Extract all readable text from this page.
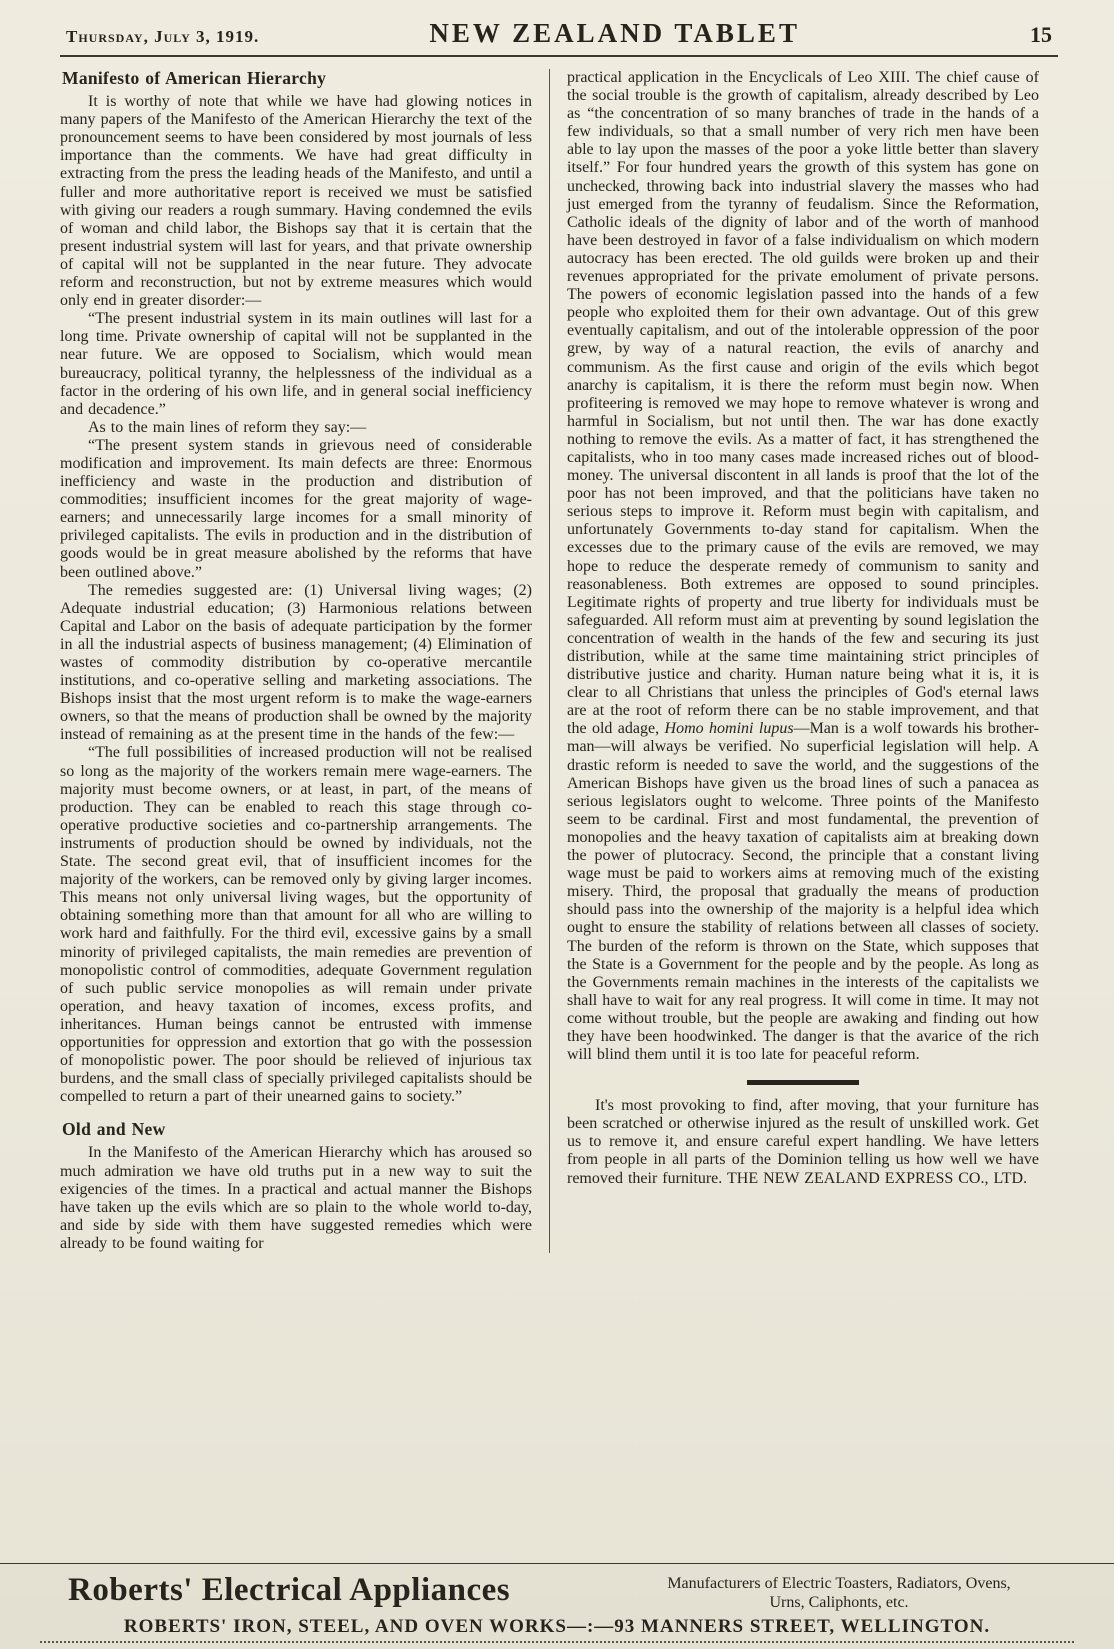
Thursday, July 3, 1919.	NEW ZEALAND TABLET	15
Manifesto of American Hierarchy

It is worthy of note that while we have had glowing notices in many papers of the Manifesto of the American Hierarchy the text of the pronouncement seems to have been considered by most journals of less importance than the comments. We have had great difficulty in extracting from the press the leading heads of the Manifesto, and until a fuller and more authoritative report is received we must be satisfied with giving our readers a rough summary. Having condemned the evils of woman and child labor, the Bishops say that it is certain that the present industrial system will last for years, and that private ownership of capital will not be supplanted in the near future. They advocate reform and reconstruction, but not by extreme measures which would only end in greater disorder:—

“The present industrial system in its main outlines will last for a long time. Private ownership of capital will not be supplanted in the near future. We are opposed to Socialism, which would mean bureaucracy, political tyranny, the helplessness of the individual as a factor in the ordering of his own life, and in general social inefficiency and decadence.”

As to the main lines of reform they say:—

“The present system stands in grievous need of considerable modification and improvement. Its main defects are three: Enormous inefficiency and waste in the production and distribution of commodities; insufficient incomes for the great majority of wage-earners; and unnecessarily large incomes for a small minority of privileged capitalists. The evils in production and in the distribution of goods would be in great measure abolished by the reforms that have been outlined above.”

The remedies suggested are: (1) Universal living wages; (2) Adequate industrial education; (3) Harmonious relations between Capital and Labor on the basis of adequate participation by the former in all the industrial aspects of business management; (4) Elimination of wastes of commodity distribution by co-operative mercantile institutions, and co-operative selling and marketing associations. The Bishops insist that the most urgent reform is to make the wage-earners owners, so that the means of production shall be owned by the majority instead of remaining as at the present time in the hands of the few:—

“The full possibilities of increased production will not be realised so long as the majority of the workers remain mere wage-earners. The majority must become owners, or at least, in part, of the means of production. They can be enabled to reach this stage through co-operative productive societies and co-partnership arrangements. The instruments of production should be owned by individuals, not the State. The second great evil, that of insufficient incomes for the majority of the workers, can be removed only by giving larger incomes. This means not only universal living wages, but the opportunity of obtaining something more than that amount for all who are willing to work hard and faithfully. For the third evil, excessive gains by a small minority of privileged capitalists, the main remedies are prevention of monopolistic control of commodities, adequate Government regulation of such public service monopolies as will remain under private operation, and heavy taxation of incomes, excess profits, and inheritances. Human beings cannot be entrusted with immense opportunities for oppression and extortion that go with the possession of monopolistic power. The poor should be relieved of injurious tax burdens, and the small class of specially privileged capitalists should be compelled to return a part of their unearned gains to society.”

Old and New

In the Manifesto of the American Hierarchy which has aroused so much admiration we have old truths put in a new way to suit the exigencies of the times. In a practical and actual manner the Bishops have taken up the evils which are so plain to the whole world to-day, and side by side with them have suggested remedies which were already to be found waiting for

practical application in the Encyclicals of Leo XIII. The chief cause of the social trouble is the growth of capitalism, already described by Leo as “the concentration of so many branches of trade in the hands of a few individuals, so that a small number of very rich men have been able to lay upon the masses of the poor a yoke little better than slavery itself.” For four hundred years the growth of this system has gone on unchecked, throwing back into industrial slavery the masses who had just emerged from the tyranny of feudalism. Since the Reformation, Catholic ideals of the dignity of labor and of the worth of manhood have been destroyed in favor of a false individualism on which modern autocracy has been erected. The old guilds were broken up and their revenues appropriated for the private emolument of private persons. The powers of economic legislation passed into the hands of a few people who exploited them for their own advantage. Out of this grew eventually capitalism, and out of the intolerable oppression of the poor grew, by way of a natural reaction, the evils of anarchy and communism. As the first cause and origin of the evils which begot anarchy is capitalism, it is there the reform must begin now. When profiteering is removed we may hope to remove whatever is wrong and harmful in Socialism, but not until then. The war has done exactly nothing to remove the evils. As a matter of fact, it has strengthened the capitalists, who in too many cases made increased riches out of blood-money. The universal discontent in all lands is proof that the lot of the poor has not been improved, and that the politicians have taken no serious steps to improve it. Reform must begin with capitalism, and unfortunately Governments to-day stand for capitalism. When the excesses due to the primary cause of the evils are removed, we may hope to reduce the desperate remedy of communism to sanity and reasonableness. Both extremes are opposed to sound principles. Legitimate rights of property and true liberty for individuals must be safeguarded. All reform must aim at preventing by sound legislation the concentration of wealth in the hands of the few and securing its just distribution, while at the same time maintaining strict principles of distributive justice and charity. Human nature being what it is, it is clear to all Christians that unless the principles of God's eternal laws are at the root of reform there can be no stable improvement, and that the old adage, Homo homini lupus—Man is a wolf towards his brother-man—will always be verified. No superficial legislation will help. A drastic reform is needed to save the world, and the suggestions of the American Bishops have given us the broad lines of such a panacea as serious legislators ought to welcome. Three points of the Manifesto seem to be cardinal. First and most fundamental, the prevention of monopolies and the heavy taxation of capitalists aim at breaking down the power of plutocracy. Second, the principle that a constant living wage must be paid to workers aims at removing much of the existing misery. Third, the proposal that gradually the means of production should pass into the ownership of the majority is a helpful idea which ought to ensure the stability of relations between all classes of society. The burden of the reform is thrown on the State, which supposes that the State is a Government for the people and by the people. As long as the Governments remain machines in the interests of the capitalists we shall have to wait for any real progress. It will come in time. It may not come without trouble, but the people are awaking and finding out how they have been hoodwinked. The danger is that the avarice of the rich will blind them until it is too late for peaceful reform.

It's most provoking to find, after moving, that your furniture has been scratched or otherwise injured as the result of unskilled work. Get us to remove it, and ensure careful expert handling. We have letters from people in all parts of the Dominion telling us how well we have removed their furniture. THE NEW ZEALAND EXPRESS CO., LTD.

Roberts' Electrical Appliances	Manufacturers of Electric Toasters, Radiators, Ovens,
Urns, Caliphonts, etc.
ROBERTS' IRON, STEEL, AND OVEN WORKS—:—93 MANNERS STREET, WELLINGTON.
